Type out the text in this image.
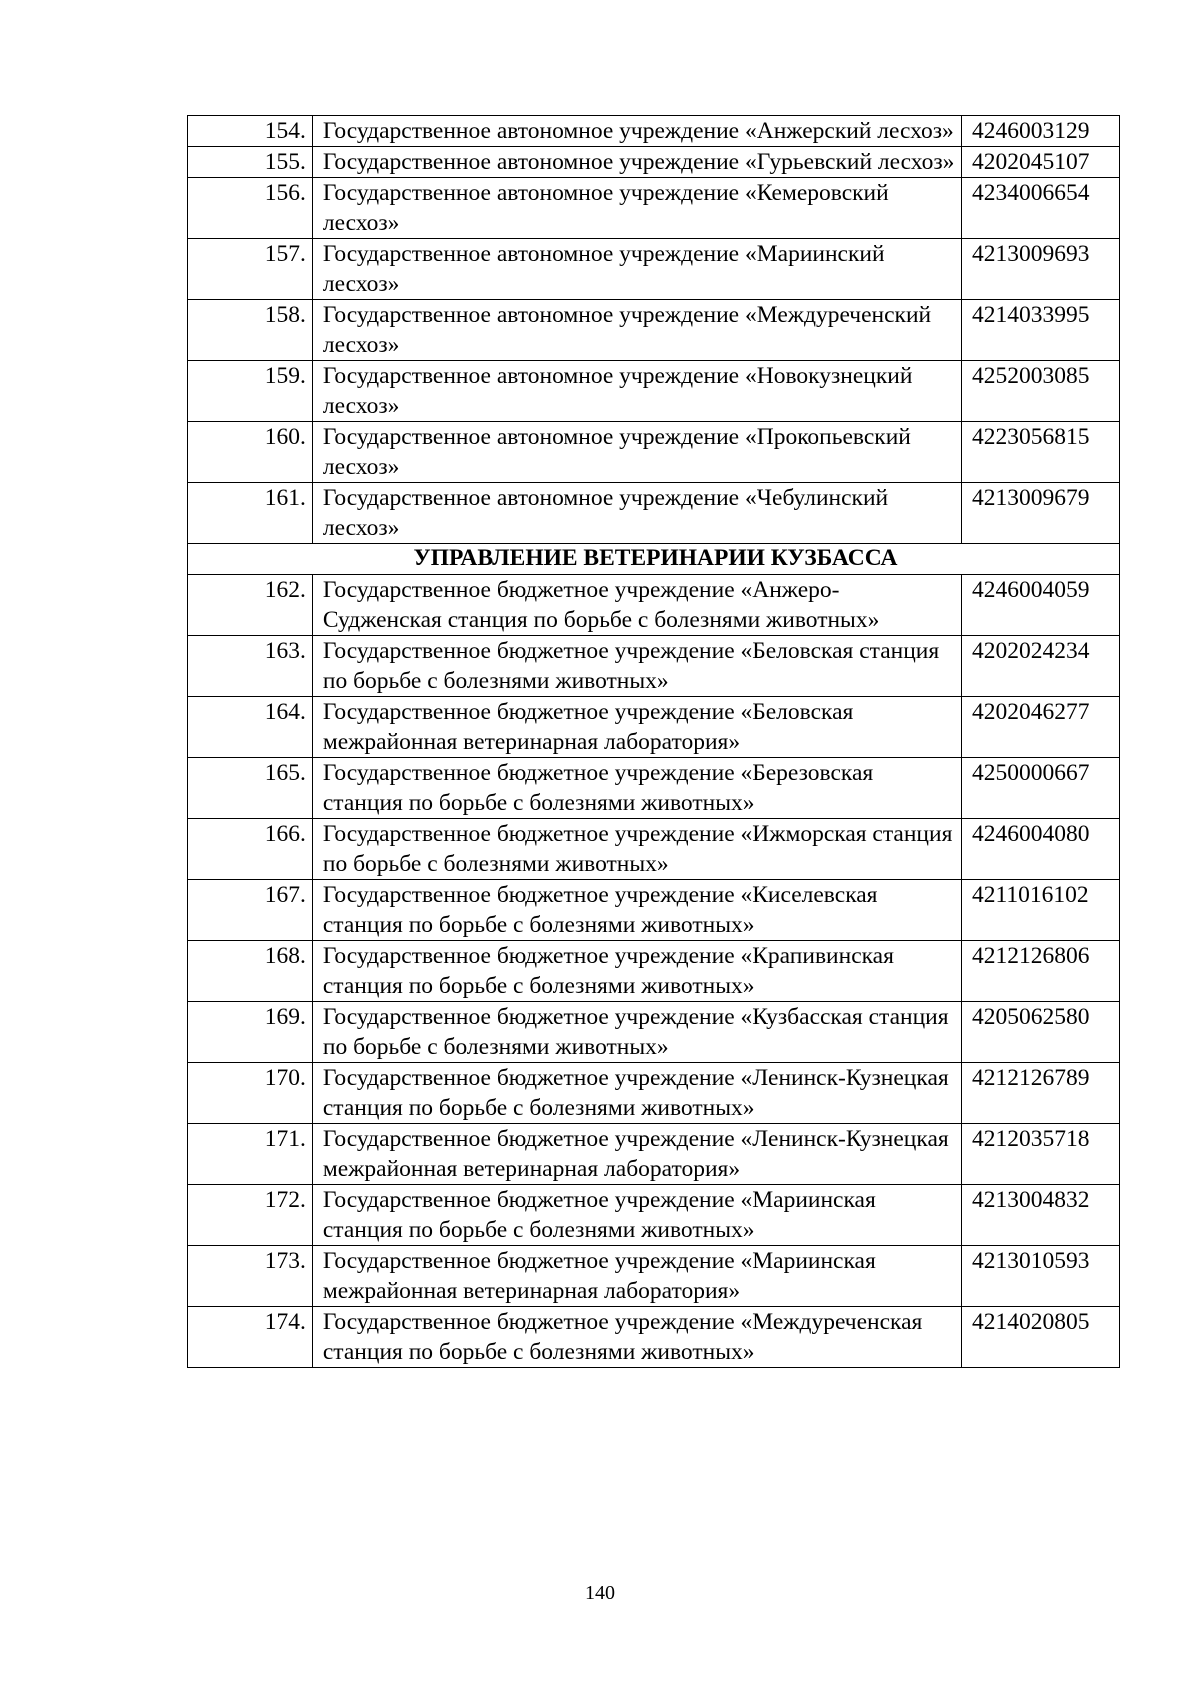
154.	Государственное автономное учреждение «Анжерский лесхоз»	4246003129
155.	Государственное автономное учреждение «Гурьевский лесхоз»	4202045107
156.	Государственное автономное учреждение «Кемеровский лесхоз»	4234006654
157.	Государственное автономное учреждение «Мариинский лесхоз»	4213009693
158.	Государственное автономное учреждение «Междуреченский лесхоз»	4214033995
159.	Государственное автономное учреждение «Новокузнецкий лесхоз»	4252003085
160.	Государственное автономное учреждение «Прокопьевский лесхоз»	4223056815
161.	Государственное автономное учреждение «Чебулинский лесхоз»	4213009679
УПРАВЛЕНИЕ ВЕТЕРИНАРИИ КУЗБАССА		
162.	Государственное бюджетное учреждение «Анжеро-Судженская станция по борьбе с болезнями животных»	4246004059
163.	Государственное бюджетное учреждение «Беловская станция по борьбе с болезнями животных»	4202024234
164.	Государственное бюджетное учреждение «Беловская межрайонная ветеринарная лаборатория»	4202046277
165.	Государственное бюджетное учреждение «Березовская станция по борьбе с болезнями животных»	4250000667
166.	Государственное бюджетное учреждение «Ижморская станция по борьбе с болезнями животных»	4246004080
167.	Государственное бюджетное учреждение «Киселевская станция по борьбе с болезнями животных»	4211016102
168.	Государственное бюджетное учреждение «Крапивинская станция по борьбе с болезнями животных»	4212126806
169.	Государственное бюджетное учреждение «Кузбасская станция по борьбе с болезнями животных»	4205062580
170.	Государственное бюджетное учреждение «Ленинск-Кузнецкая станция по борьбе с болезнями животных»	4212126789
171.	Государственное бюджетное учреждение «Ленинск-Кузнецкая межрайонная ветеринарная лаборатория»	4212035718
172.	Государственное бюджетное учреждение «Мариинская станция по борьбе с болезнями животных»	4213004832
173.	Государственное бюджетное учреждение «Мариинская межрайонная ветеринарная лаборатория»	4213010593
174.	Государственное бюджетное учреждение «Междуреченская станция по борьбе с болезнями животных»	4214020805
140
